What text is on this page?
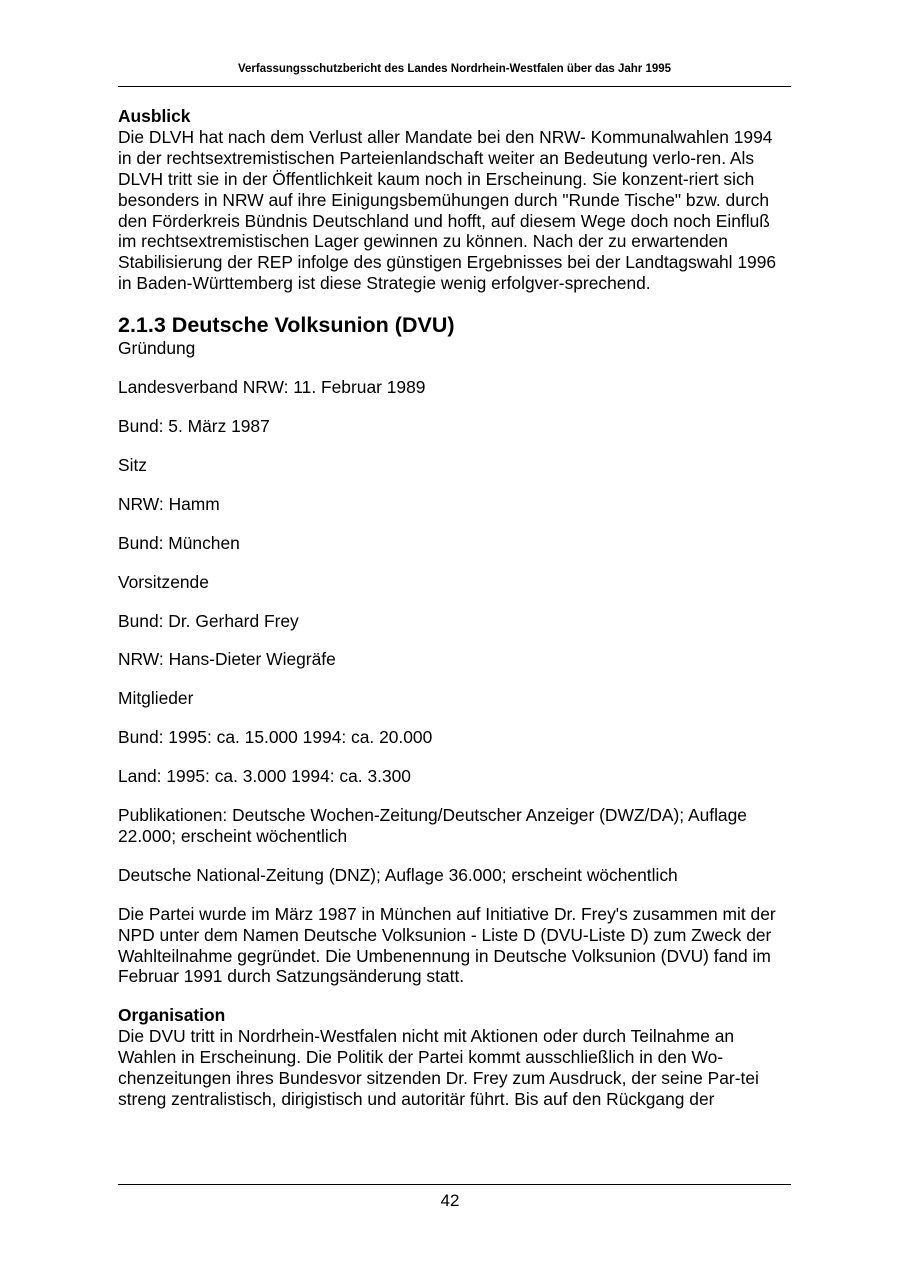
Verfassungsschutzbericht des Landes Nordrhein-Westfalen über das Jahr 1995

Ausblick

Die DLVH hat nach dem Verlust aller Mandate bei den NRW- Kommunalwahlen 1994 in der rechtsextremistischen Parteienlandschaft weiter an Bedeutung verlo-ren. Als DLVH tritt sie in der Öffentlichkeit kaum noch in Erscheinung. Sie konzent-riert sich besonders in NRW auf ihre Einigungsbemühungen durch "Runde Tische" bzw. durch den Förderkreis Bündnis Deutschland und hofft, auf diesem Wege doch noch Einfluß im rechtsextremistischen Lager gewinnen zu können. Nach der zu erwartenden Stabilisierung der REP infolge des günstigen Ergebnisses bei der Landtagswahl 1996 in Baden-Württemberg ist diese Strategie wenig erfolgver-sprechend.

2.1.3 Deutsche Volksunion (DVU)

Gründung

Landesverband NRW: 11. Februar 1989

Bund: 5. März 1987

Sitz

NRW: Hamm

Bund: München

Vorsitzende

Bund: Dr. Gerhard Frey

NRW: Hans-Dieter Wiegräfe

Mitglieder

Bund: 1995: ca. 15.000 1994: ca. 20.000

Land: 1995: ca. 3.000 1994: ca. 3.300

Publikationen: Deutsche Wochen-Zeitung/Deutscher Anzeiger (DWZ/DA); Auflage 22.000; erscheint wöchentlich

Deutsche National-Zeitung (DNZ); Auflage 36.000; erscheint wöchentlich

Die Partei wurde im März 1987 in München auf Initiative Dr. Frey's zusammen mit der NPD unter dem Namen Deutsche Volksunion - Liste D (DVU-Liste D) zum Zweck der Wahlteilnahme gegründet. Die Umbenennung in Deutsche Volksunion (DVU) fand im Februar 1991 durch Satzungsänderung statt.

Organisation

Die DVU tritt in Nordrhein-Westfalen nicht mit Aktionen oder durch Teilnahme an Wahlen in Erscheinung. Die Politik der Partei kommt ausschließlich in den Wo-chenzeitungen ihres Bundesvor sitzenden Dr. Frey zum Ausdruck, der seine Par-tei streng zentralistisch, dirigistisch und autoritär führt. Bis auf den Rückgang der

42
